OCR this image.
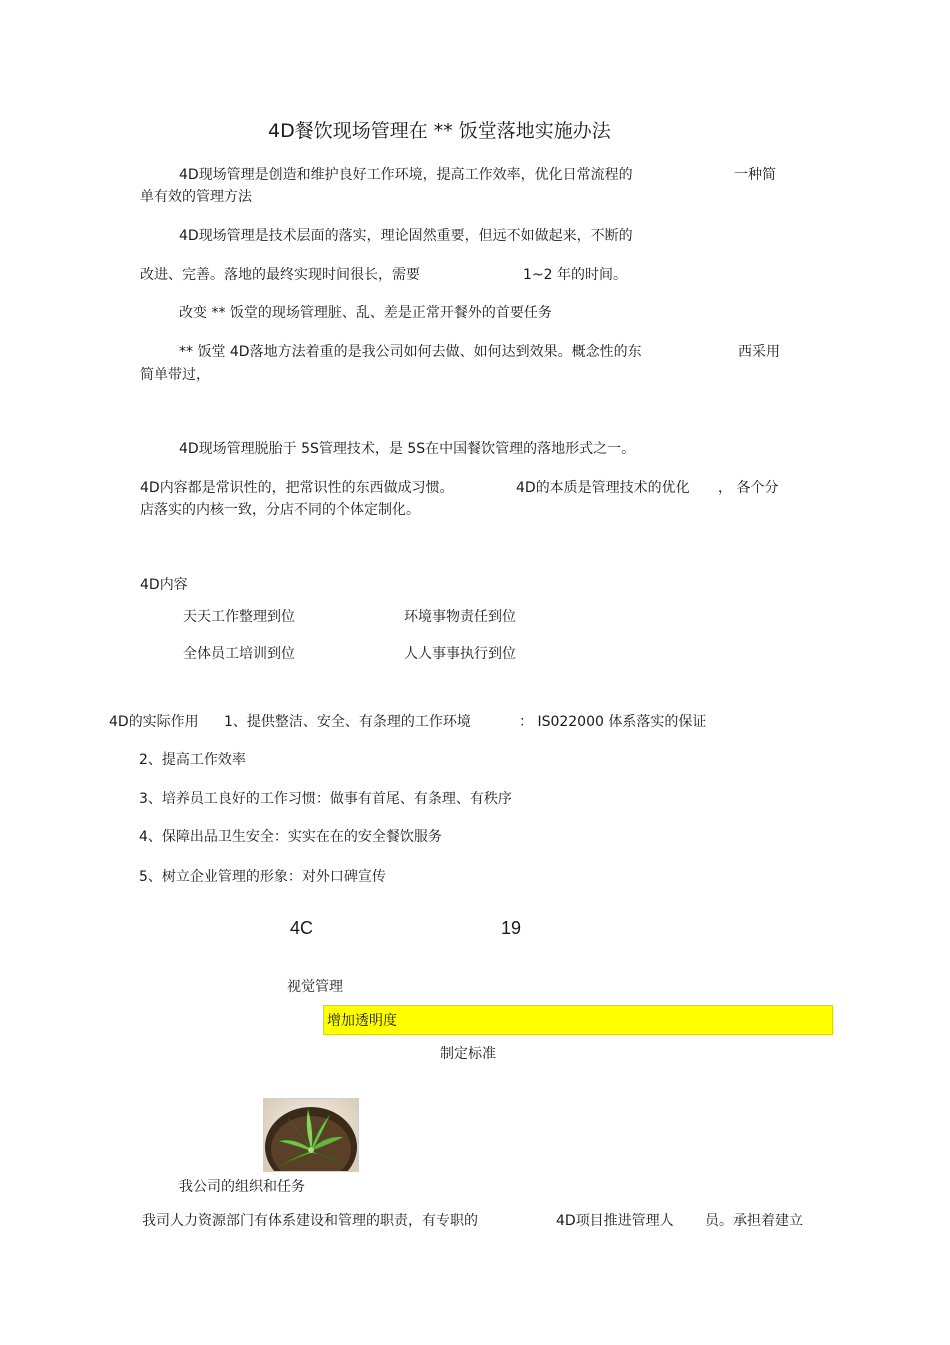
4D餐饮现场管理在 ** 饭堂落地实施办法
4D现场管理是创造和维护良好工作环境，提高工作效率，优化日常流程的	一种简
单有效的管理方法
4D现场管理是技术层面的落实，理论固然重要，但远不如做起来，不断的
改进、完善。落地的最终实现时间很长，需要	1~2 年的时间。
改变 ** 饭堂的现场管理脏、乱、差是正常开餐外的首要任务
** 饭堂 4D落地方法着重的是我公司如何去做、如何达到效果。概念性的东	西采用
简单带过，
4D现场管理脱胎于 5S管理技术，是 5S在中国餐饮管理的落地形式之一。
4D内容都是常识性的，把常识性的东西做成习惯。	4D的本质是管理技术的优化 ， 各个分
店落实的内核一致，分店不同的个体定制化。
4D内容
天天工作整理到位	环境事物责任到位
全体员工培训到位	人人事事执行到位
4D的实际作用 1、提供整洁、安全、有条理的工作环境	： IS022000 体系落实的保证
2、提高工作效率
3、培养员工良好的工作习惯：做事有首尾、有条理、有秩序
4、保障出品卫生安全：实实在在的安全餐饮服务
5、树立企业管理的形象：对外口碑宣传
4C	19
视觉管理
增加透明度
制定标准
我公司的组织和任务
我司人力资源部门有体系建设和管理的职责，有专职的	4D项目推进管理人 员。承担着建立
